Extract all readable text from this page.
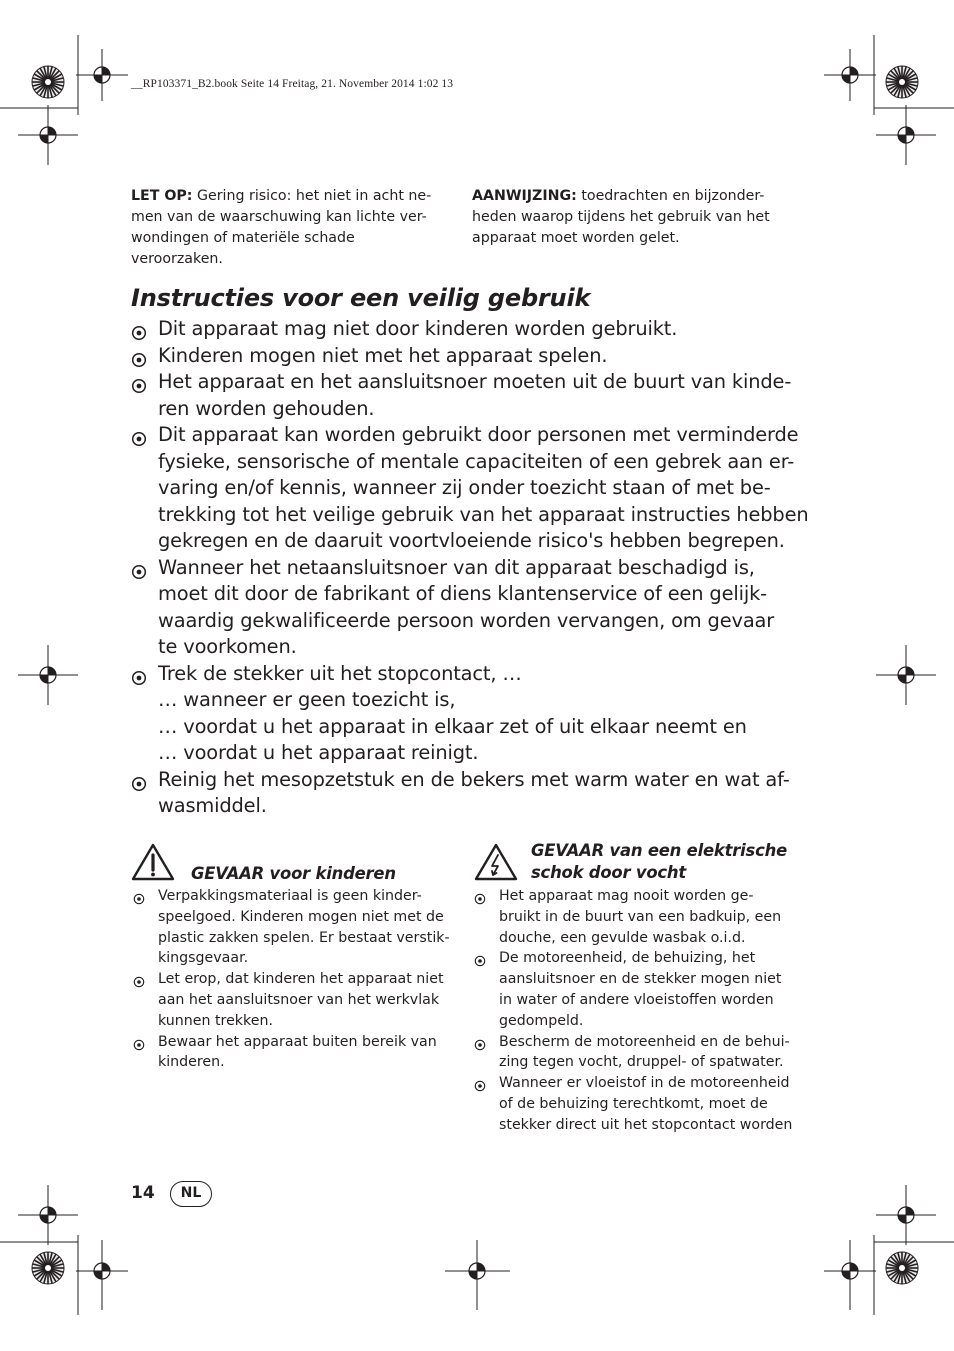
__RP103371_B2.book Seite 14 Freitag, 21. November 2014 1:02 13
LET OP: Gering risico: het niet in acht ne-
men van de waarschuwing kan lichte ver-
wondingen of materiële schade
veroorzaken.
AANWIJZING: toedrachten en bijzonder-
heden waarop tijdens het gebruik van het
apparaat moet worden gelet.
Instructies voor een veilig gebruik
Dit apparaat mag niet door kinderen worden gebruikt.
Kinderen mogen niet met het apparaat spelen.
Het apparaat en het aansluitsnoer moeten uit de buurt van kinde-
ren worden gehouden.
Dit apparaat kan worden gebruikt door personen met verminderde
fysieke, sensorische of mentale capaciteiten of een gebrek aan er-
varing en/of kennis, wanneer zij onder toezicht staan of met be-
trekking tot het veilige gebruik van het apparaat instructies hebben
gekregen en de daaruit voortvloeiende risico's hebben begrepen.
Wanneer het netaansluitsnoer van dit apparaat beschadigd is,
moet dit door de fabrikant of diens klantenservice of een gelijk-
waardig gekwalificeerde persoon worden vervangen, om gevaar
te voorkomen.
Trek de stekker uit het stopcontact, …
… wanneer er geen toezicht is,
… voordat u het apparaat in elkaar zet of uit elkaar neemt en
… voordat u het apparaat reinigt.
Reinig het mesopzetstuk en de bekers met warm water en wat af-
wasmiddel.
GEVAAR voor kinderen
Verpakkingsmateriaal is geen kinder-
speelgoed. Kinderen mogen niet met de
plastic zakken spelen. Er bestaat verstik-
kingsgevaar.
Let erop, dat kinderen het apparaat niet
aan het aansluitsnoer van het werkvlak
kunnen trekken.
Bewaar het apparaat buiten bereik van
kinderen.
GEVAAR van een elektrische
schok door vocht
Het apparaat mag nooit worden ge-
bruikt in de buurt van een badkuip, een
douche, een gevulde wasbak o.i.d.
De motoreenheid, de behuizing, het
aansluitsnoer en de stekker mogen niet
in water of andere vloeistoffen worden
gedompeld.
Bescherm de motoreenheid en de behui-
zing tegen vocht, druppel- of spatwater.
Wanneer er vloeistof in de motoreenheid
of de behuizing terechtkomt, moet de
stekker direct uit het stopcontact worden
14	NL
